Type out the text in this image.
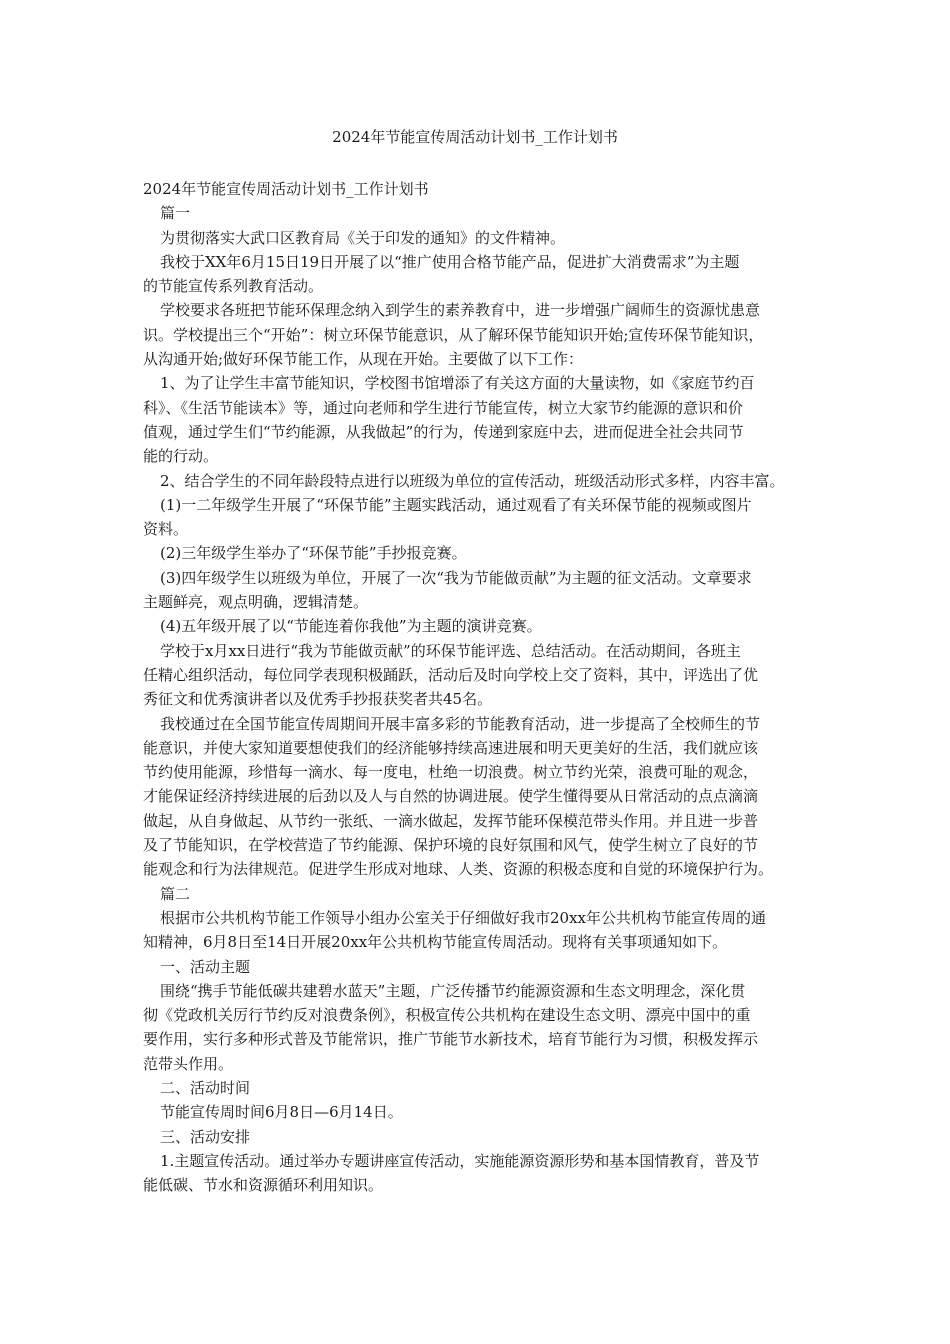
2024年节能宣传周活动计划书_工作计划书
2024年节能宣传周活动计划书_工作计划书
篇一
为贯彻落实大武口区教育局《关于印发的通知》的文件精神。
我校于XX年6月15日19日开展了以“推广使用合格节能产品，促进扩大消费需求”为主题
的节能宣传系列教育活动。
学校要求各班把节能环保理念纳入到学生的素养教育中，进一步增强广阔师生的资源忧患意
识。学校提出三个“开始”：树立环保节能意识，从了解环保节能知识开始;宣传环保节能知识，
从沟通开始;做好环保节能工作，从现在开始。主要做了以下工作：
1、为了让学生丰富节能知识，学校图书馆增添了有关这方面的大量读物，如《家庭节约百
科》、《生活节能读本》等，通过向老师和学生进行节能宣传，树立大家节约能源的意识和价
值观，通过学生们“节约能源，从我做起”的行为，传递到家庭中去，进而促进全社会共同节
能的行动。
2、结合学生的不同年龄段特点进行以班级为单位的宣传活动，班级活动形式多样，内容丰富。
(1)一二年级学生开展了“环保节能”主题实践活动，通过观看了有关环保节能的视频或图片
资料。
(2)三年级学生举办了“环保节能”手抄报竞赛。
(3)四年级学生以班级为单位，开展了一次“我为节能做贡献”为主题的征文活动。文章要求
主题鲜亮，观点明确，逻辑清楚。
(4)五年级开展了以“节能连着你我他”为主题的演讲竞赛。
学校于x月xx日进行“我为节能做贡献”的环保节能评选、总结活动。在活动期间，各班主
任精心组织活动，每位同学表现积极踊跃，活动后及时向学校上交了资料，其中，评选出了优
秀征文和优秀演讲者以及优秀手抄报获奖者共45名。
我校通过在全国节能宣传周期间开展丰富多彩的节能教育活动，进一步提高了全校师生的节
能意识，并使大家知道要想使我们的经济能够持续高速进展和明天更美好的生活，我们就应该
节约使用能源，珍惜每一滴水、每一度电，杜绝一切浪费。树立节约光荣，浪费可耻的观念，
才能保证经济持续进展的后劲以及人与自然的协调进展。使学生懂得要从日常活动的点点滴滴
做起，从自身做起、从节约一张纸、一滴水做起，发挥节能环保模范带头作用。并且进一步普
及了节能知识，在学校营造了节约能源、保护环境的良好氛围和风气，使学生树立了良好的节
能观念和行为法律规范。促进学生形成对地球、人类、资源的积极态度和自觉的环境保护行为。
篇二
根据市公共机构节能工作领导小组办公室关于仔细做好我市20xx年公共机构节能宣传周的通
知精神，6月8日至14日开展20xx年公共机构节能宣传周活动。现将有关事项通知如下。
一、活动主题
围绕“携手节能低碳共建碧水蓝天”主题，广泛传播节约能源资源和生态文明理念，深化贯
彻《党政机关厉行节约反对浪费条例》，积极宣传公共机构在建设生态文明、漂亮中国中的重
要作用，实行多种形式普及节能常识，推广节能节水新技术，培育节能行为习惯，积极发挥示
范带头作用。
二、活动时间
节能宣传周时间6月8日—6月14日。
三、活动安排
1.主题宣传活动。通过举办专题讲座宣传活动，实施能源资源形势和基本国情教育，普及节
能低碳、节水和资源循环利用知识。
